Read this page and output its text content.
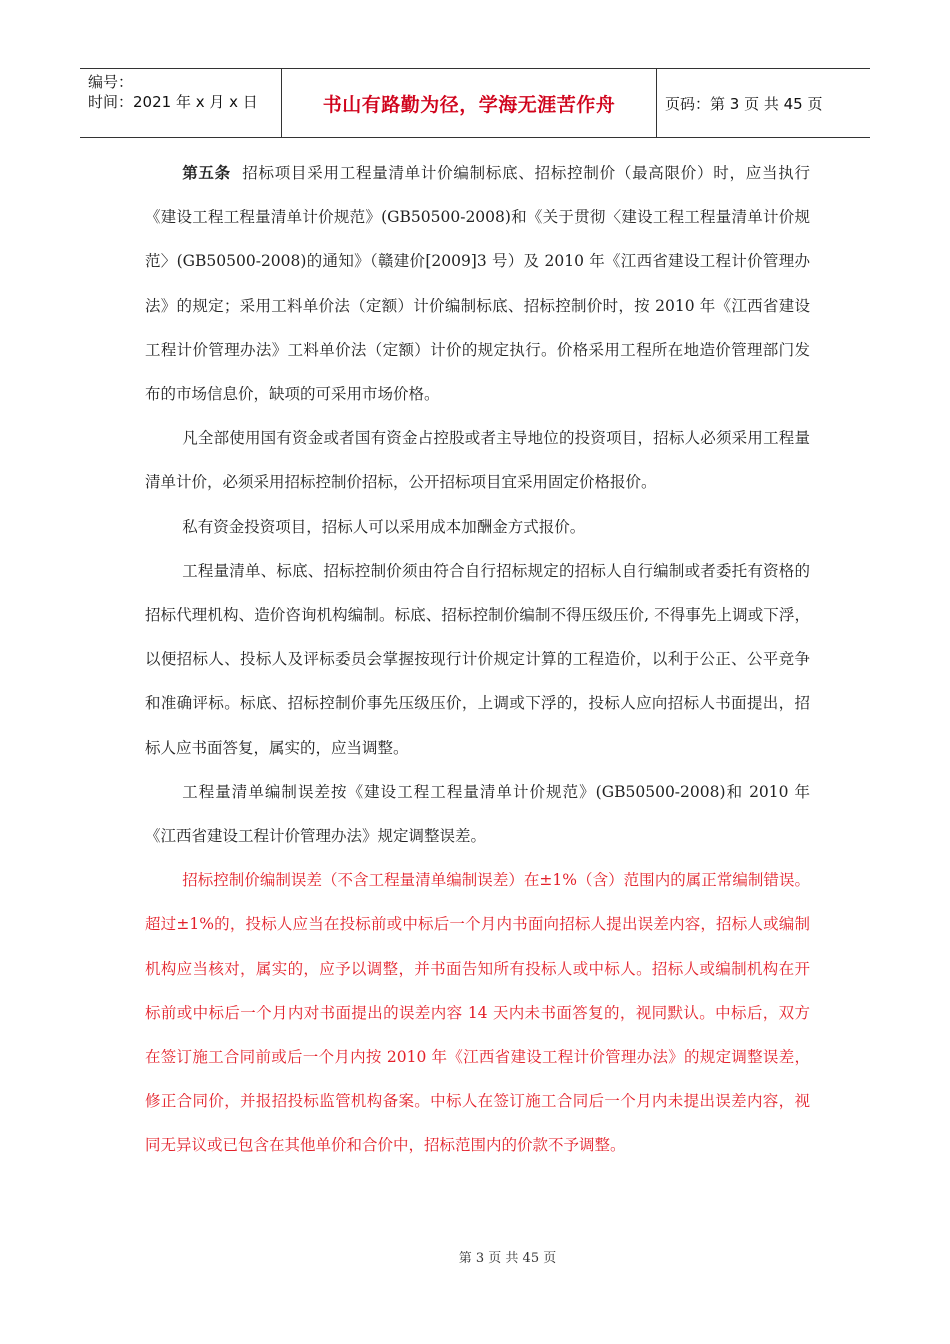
编号：
时间：2021 年 x 月 x 日	书山有路勤为径，学海无涯苦作舟	页码：第 3 页 共 45 页

第五条 招标项目采用工程量清单计价编制标底、招标控制价（最高限价）时，应当执行《建设工程工程量清单计价规范》(GB50500-2008)和《关于贯彻〈建设工程工程量清单计价规范〉(GB50500-2008)的通知》（赣建价[2009]3 号）及 2010 年《江西省建设工程计价管理办法》的规定；采用工料单价法（定额）计价编制标底、招标控制价时，按 2010 年《江西省建设工程计价管理办法》工料单价法（定额）计价的规定执行。价格采用工程所在地造价管理部门发布的市场信息价，缺项的可采用市场价格。

凡全部使用国有资金或者国有资金占控股或者主导地位的投资项目，招标人必须采用工程量清单计价，必须采用招标控制价招标，公开招标项目宜采用固定价格报价。

私有资金投资项目，招标人可以采用成本加酬金方式报价。

工程量清单、标底、招标控制价须由符合自行招标规定的招标人自行编制或者委托有资格的招标代理机构、造价咨询机构编制。标底、招标控制价编制不得压级压价, 不得事先上调或下浮，以便招标人、投标人及评标委员会掌握按现行计价规定计算的工程造价，以利于公正、公平竞争和准确评标。标底、招标控制价事先压级压价，上调或下浮的，投标人应向招标人书面提出，招标人应书面答复，属实的，应当调整。

工程量清单编制误差按《建设工程工程量清单计价规范》(GB50500-2008)和 2010 年《江西省建设工程计价管理办法》规定调整误差。

招标控制价编制误差（不含工程量清单编制误差）在±1%（含）范围内的属正常编制错误。超过±1%的，投标人应当在投标前或中标后一个月内书面向招标人提出误差内容，招标人或编制机构应当核对，属实的，应予以调整，并书面告知所有投标人或中标人。招标人或编制机构在开标前或中标后一个月内对书面提出的误差内容 14 天内未书面答复的，视同默认。中标后，双方在签订施工合同前或后一个月内按 2010 年《江西省建设工程计价管理办法》的规定调整误差，修正合同价，并报招投标监管机构备案。中标人在签订施工合同后一个月内未提出误差内容，视同无异议或已包含在其他单价和合价中，招标范围内的价款不予调整。

第 3 页 共 45 页
